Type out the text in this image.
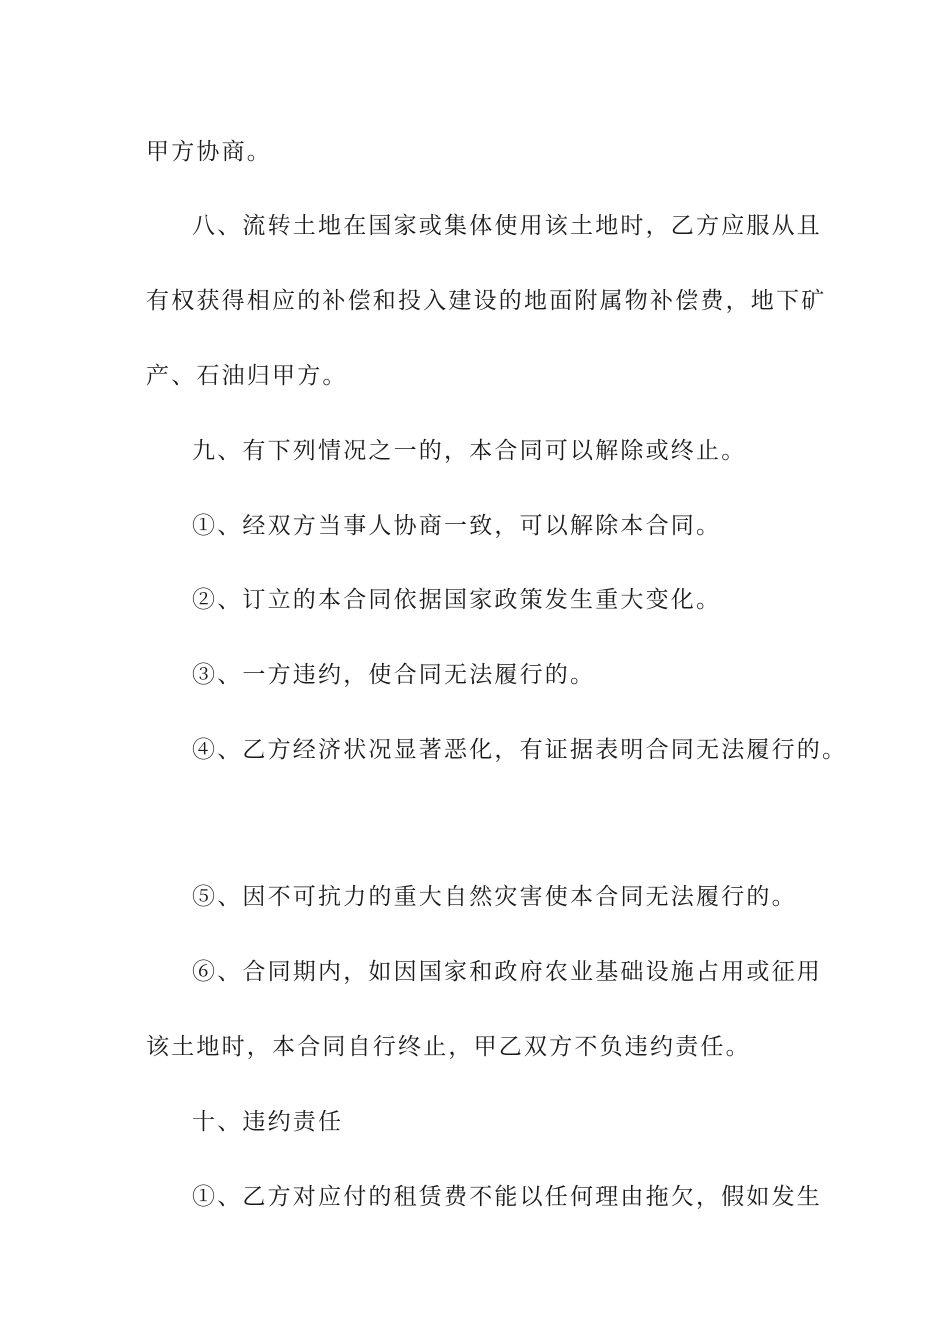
甲方协商。
八、流转土地在国家或集体使用该土地时，乙方应服从且
有权获得相应的补偿和投入建设的地面附属物补偿费，地下矿
产、石油归甲方。
九、有下列情况之一的，本合同可以解除或终止。
①、经双方当事人协商一致，可以解除本合同。
②、订立的本合同依据国家政策发生重大变化。
③、一方违约，使合同无法履行的。
④、乙方经济状况显著恶化，有证据表明合同无法履行的。
⑤、因不可抗力的重大自然灾害使本合同无法履行的。
⑥、合同期内，如因国家和政府农业基础设施占用或征用
该土地时，本合同自行终止，甲乙双方不负违约责任。
十、违约责任
①、乙方对应付的租赁费不能以任何理由拖欠，假如发生
